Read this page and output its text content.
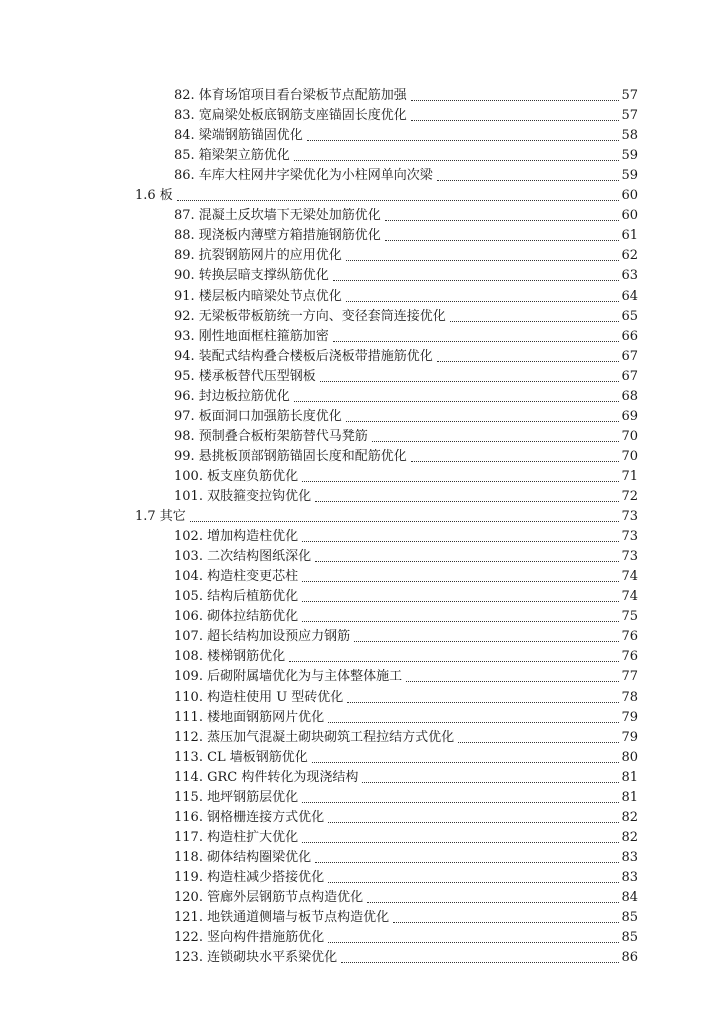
82. 体育场馆项目看台梁板节点配筋加强	57
83. 宽扁梁处板底钢筋支座锚固长度优化	57
84. 梁端钢筋锚固优化	58
85. 箱梁架立筋优化	59
86. 车库大柱网井字梁优化为小柱网单向次梁	59
1.6 板	60
87. 混凝土反坎墙下无梁处加筋优化	60
88. 现浇板内薄壁方箱措施钢筋优化	61
89. 抗裂钢筋网片的应用优化	62
90. 转换层暗支撑纵筋优化	63
91. 楼层板内暗梁处节点优化	64
92. 无梁板带板筋统一方向、变径套筒连接优化	65
93. 刚性地面框柱箍筋加密	66
94. 装配式结构叠合楼板后浇板带措施筋优化	67
95. 楼承板替代压型钢板	67
96. 封边板拉筋优化	68
97. 板面洞口加强筋长度优化	69
98. 预制叠合板桁架筋替代马凳筋	70
99. 悬挑板顶部钢筋锚固长度和配筋优化	70
100. 板支座负筋优化	71
101. 双肢箍变拉钩优化	72
1.7 其它	73
102. 增加构造柱优化	73
103. 二次结构图纸深化	73
104. 构造柱变更芯柱	74
105. 结构后植筋优化	74
106. 砌体拉结筋优化	75
107. 超长结构加设预应力钢筋	76
108. 楼梯钢筋优化	76
109. 后砌附属墙优化为与主体整体施工	77
110. 构造柱使用 U 型砖优化	78
111. 楼地面钢筋网片优化	79
112. 蒸压加气混凝土砌块砌筑工程拉结方式优化	79
113. CL 墙板钢筋优化	80
114. GRC 构件转化为现浇结构	81
115. 地坪钢筋层优化	81
116. 钢格栅连接方式优化	82
117. 构造柱扩大优化	82
118. 砌体结构圈梁优化	83
119. 构造柱减少搭接优化	83
120. 管廊外层钢筋节点构造优化	84
121. 地铁通道侧墙与板节点构造优化	85
122. 竖向构件措施筋优化	85
123. 连锁砌块水平系梁优化	86
